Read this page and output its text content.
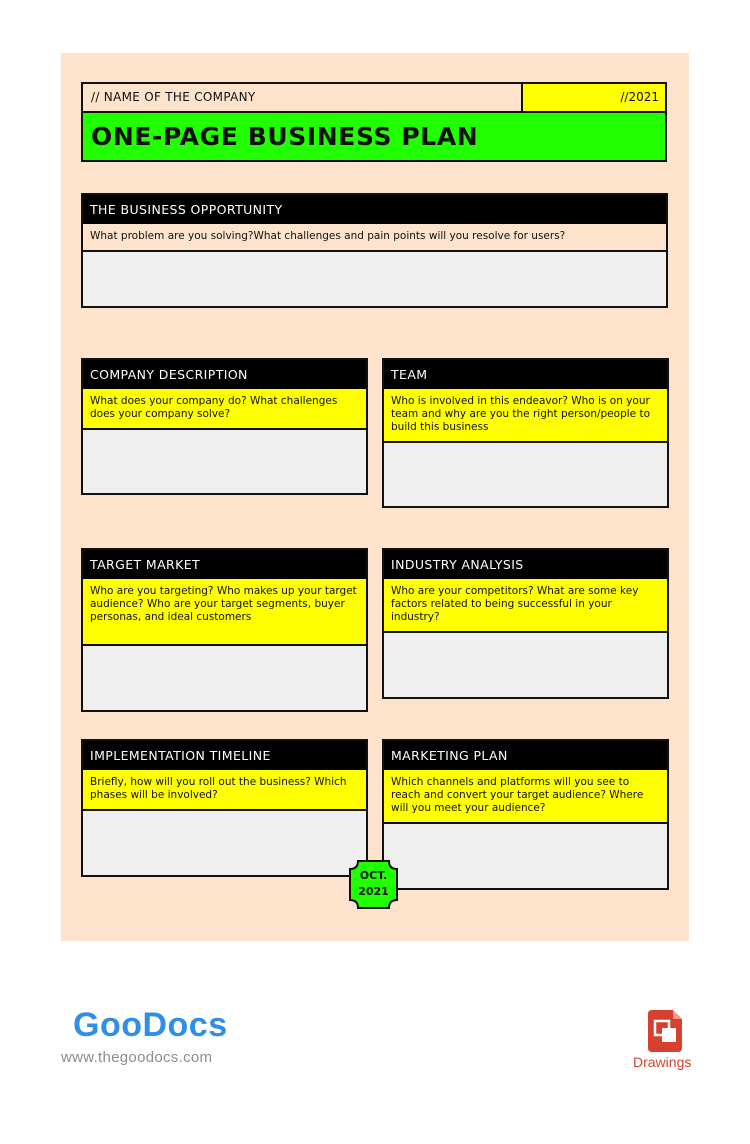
// NAME OF THE COMPANY	//2021
ONE-PAGE BUSINESS PLAN
THE BUSINESS OPPORTUNITY
What problem are you solving?What challenges and pain points will you resolve for users?
COMPANY DESCRIPTION
What does your company do? What challenges does your company solve?
TEAM
Who is involved in this endeavor? Who is on your team and why are you the right person/people to build this business
TARGET MARKET
Who are you targeting? Who makes up your target audience? Who are your target segments, buyer personas, and ideal customers
INDUSTRY ANALYSIS
Who are your competitors? What are some key factors related to being successful in your industry?
IMPLEMENTATION TIMELINE
Briefly, how will you roll out the business? Which phases will be involved?
MARKETING PLAN
Which channels and platforms will you see to reach and convert your target audience? Where will you meet your audience?
OCT.
2021
GooDocs
www.thegoodocs.com	Drawings
